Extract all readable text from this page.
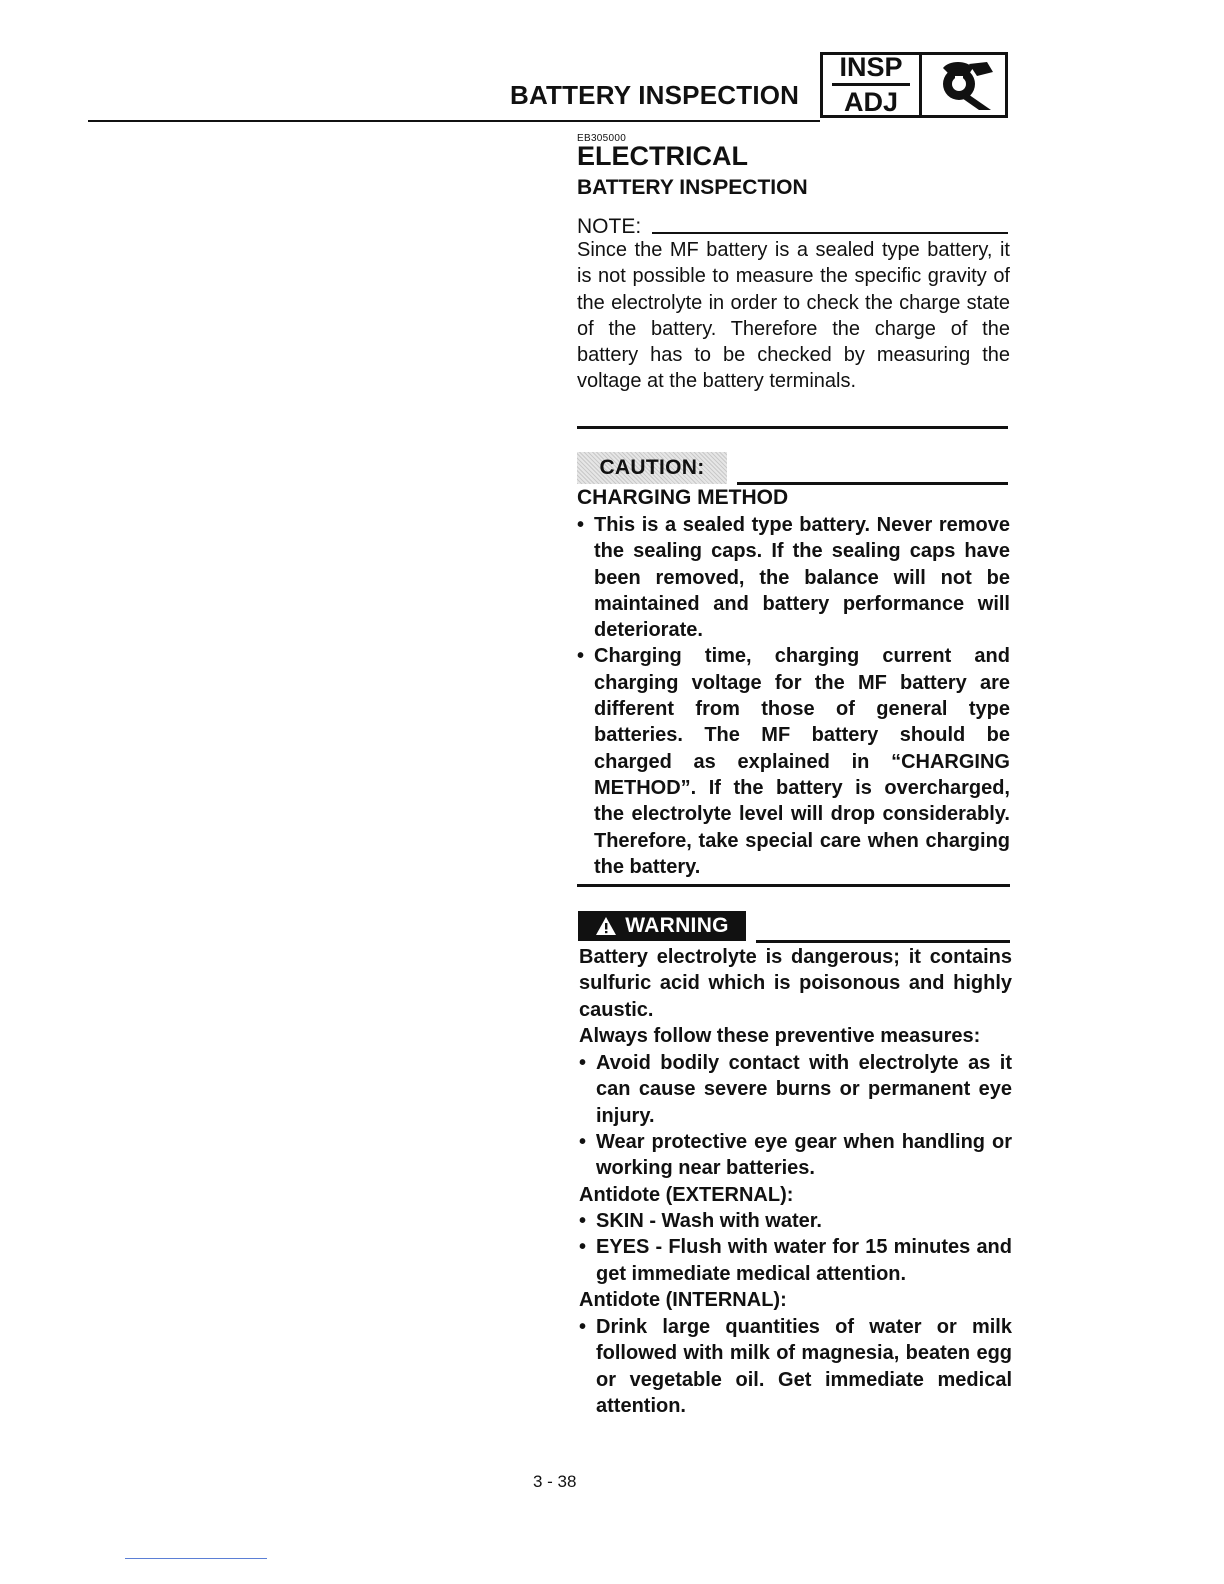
BATTERY INSPECTION
INSP
ADJ
EB305000
ELECTRICAL
BATTERY INSPECTION
NOTE:
Since the MF battery is a sealed type battery, it is not possible to measure the specific gravity of the electrolyte in order to check the charge state of the battery. Therefore the charge of the battery has to be checked by measuring the voltage at the battery terminals.
CAUTION:
CHARGING METHOD
• This is a sealed type battery. Never remove the sealing caps. If the sealing caps have been removed, the balance will not be maintained and battery performance will deteriorate.
• Charging time, charging current and charging voltage for the MF battery are different from those of general type batteries. The MF battery should be charged as explained in “CHARGING METHOD”. If the battery is overcharged, the electrolyte level will drop considerably. Therefore, take special care when charging the battery.
WARNING
Battery electrolyte is dangerous; it contains sulfuric acid which is poisonous and highly caustic.
Always follow these preventive measures:
• Avoid bodily contact with electrolyte as it can cause severe burns or permanent eye injury.
• Wear protective eye gear when handling or working near batteries.
Antidote (EXTERNAL):
• SKIN - Wash with water.
• EYES - Flush with water for 15 minutes and get immediate medical attention.
Antidote (INTERNAL):
• Drink large quantities of water or milk followed with milk of magnesia, beaten egg or vegetable oil. Get immediate medical attention.
3 - 38
